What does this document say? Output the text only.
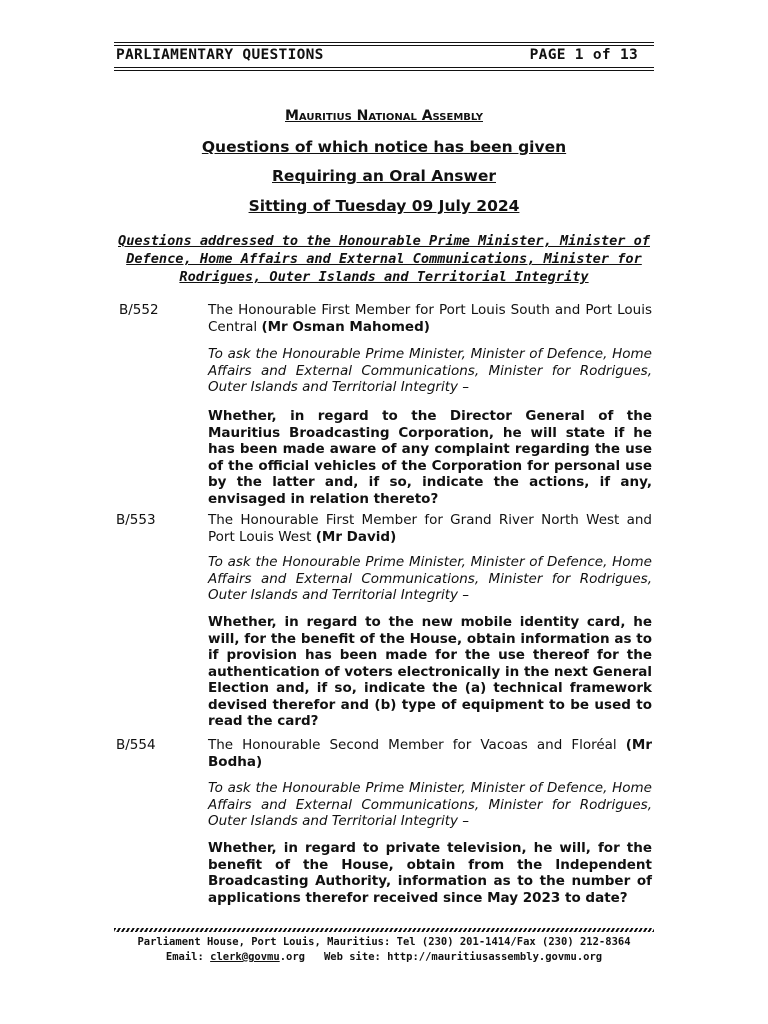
PARLIAMENTARY QUESTIONS	PAGE 1 of 13
Mauritius National Assembly
Questions of which notice has been given
Requiring an Oral Answer
Sitting of Tuesday 09 July 2024
Questions addressed to the Honourable Prime Minister, Minister of Defence, Home Affairs and External Communications, Minister for Rodrigues, Outer Islands and Territorial Integrity
B/552	The Honourable First Member for Port Louis South and Port Louis Central (Mr Osman Mahomed)
To ask the Honourable Prime Minister, Minister of Defence, Home Affairs and External Communications, Minister for Rodrigues, Outer Islands and Territorial Integrity –
Whether, in regard to the Director General of the Mauritius Broadcasting Corporation, he will state if he has been made aware of any complaint regarding the use of the official vehicles of the Corporation for personal use by the latter and, if so, indicate the actions, if any, envisaged in relation thereto?
B/553	The Honourable First Member for Grand River North West and Port Louis West (Mr David)
To ask the Honourable Prime Minister, Minister of Defence, Home Affairs and External Communications, Minister for Rodrigues, Outer Islands and Territorial Integrity –
Whether, in regard to the new mobile identity card, he will, for the benefit of the House, obtain information as to if provision has been made for the use thereof for the authentication of voters electronically in the next General Election and, if so, indicate the (a) technical framework devised therefor and (b) type of equipment to be used to read the card?
B/554	The Honourable Second Member for Vacoas and Floréal (Mr Bodha)
To ask the Honourable Prime Minister, Minister of Defence, Home Affairs and External Communications, Minister for Rodrigues, Outer Islands and Territorial Integrity –
Whether, in regard to private television, he will, for the benefit of the House, obtain from the Independent Broadcasting Authority, information as to the number of applications therefor received since May 2023 to date?
Parliament House, Port Louis, Mauritius: Tel (230) 201-1414/Fax (230) 212-8364
Email: clerk@govmu.org Web site: http://mauritiusassembly.govmu.org
